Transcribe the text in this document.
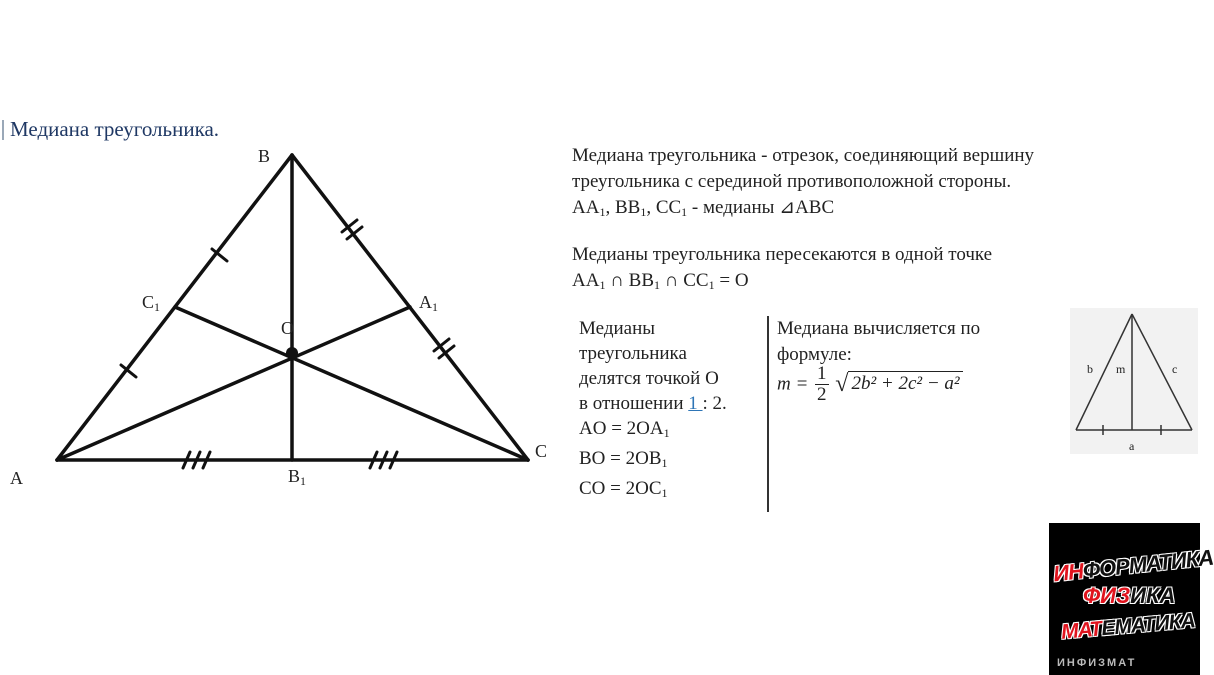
Медиана треугольника.
B
A
C
$C_1$	$A_1$
$B_1$
O
Медиана треугольника - отрезок, соединяющий вершину
треугольника с серединой противоположной стороны.
$AA_1$, $BB_1$, $CC_1$ - медианы ⊿ABC
Медианы треугольника пересекаются в одной точке
$AA_1$ ∩ $BB_1$ ∩ $CC_1 = O$
Медианы
треугольника
делятся точкой O
в отношении 1 : 2.
AO = $2OA_1$
BO = $2OB_1$
CO = $2OC_1$
Медиана вычисляется по
формуле:
$m = \frac{1}{2}$ √ 2b² + 2c² − a²
b m	c
a
ИНФОРМАТИКА
ФИЗИКА
МАТЕМАТИКА
ИНФИЗМАТ
